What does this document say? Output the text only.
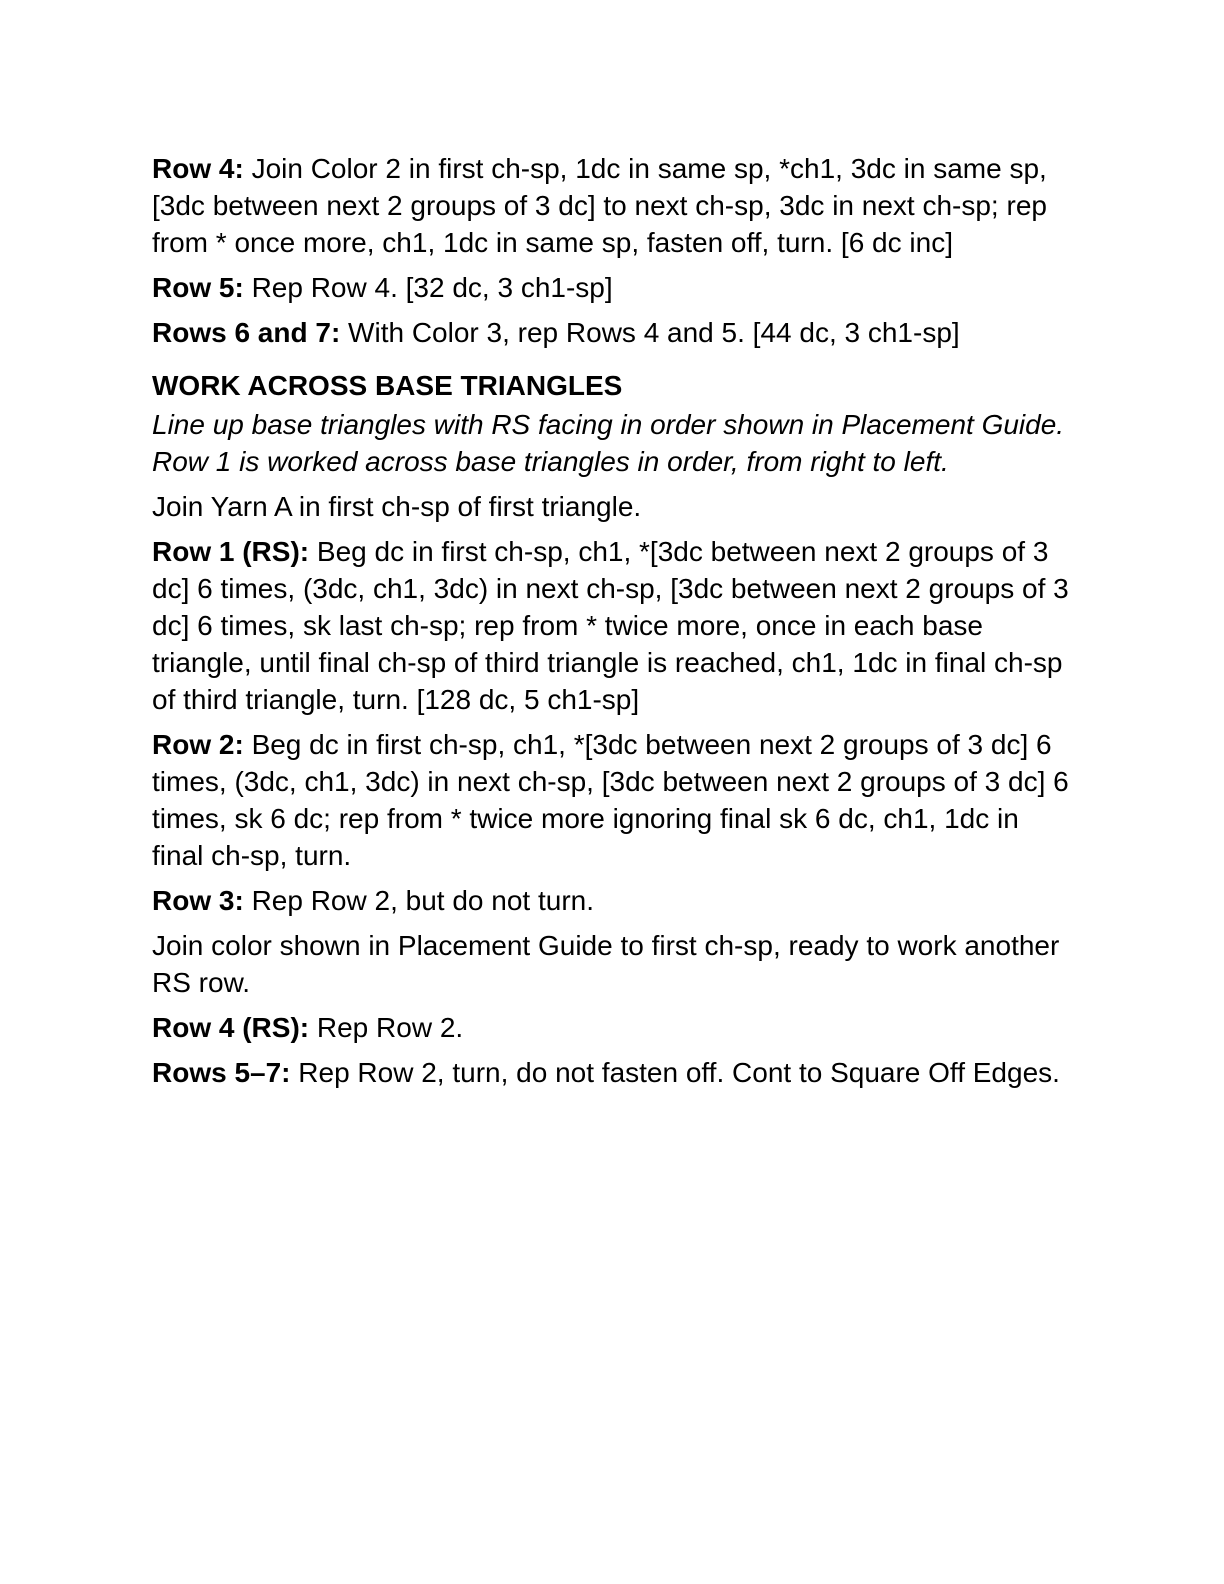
Row 4: Join Color 2 in first ch-sp, 1dc in same sp, *ch1, 3dc in same sp, [3dc between next 2 groups of 3 dc] to next ch-sp, 3dc in next ch-sp; rep from * once more, ch1, 1dc in same sp, fasten off, turn. [6 dc inc]

Row 5: Rep Row 4. [32 dc, 3 ch1-sp]

Rows 6 and 7: With Color 3, rep Rows 4 and 5. [44 dc, 3 ch1-sp]

WORK ACROSS BASE TRIANGLES

Line up base triangles with RS facing in order shown in Placement Guide. Row 1 is worked across base triangles in order, from right to left.

Join Yarn A in first ch-sp of first triangle.

Row 1 (RS): Beg dc in first ch-sp, ch1, *[3dc between next 2 groups of 3 dc] 6 times, (3dc, ch1, 3dc) in next ch-sp, [3dc between next 2 groups of 3 dc] 6 times, sk last ch-sp; rep from * twice more, once in each base triangle, until final ch-sp of third triangle is reached, ch1, 1dc in final ch-sp of third triangle, turn. [128 dc, 5 ch1-sp]

Row 2: Beg dc in first ch-sp, ch1, *[3dc between next 2 groups of 3 dc] 6 times, (3dc, ch1, 3dc) in next ch-sp, [3dc between next 2 groups of 3 dc] 6 times, sk 6 dc; rep from * twice more ignoring final sk 6 dc, ch1, 1dc in final ch-sp, turn.

Row 3: Rep Row 2, but do not turn.

Join color shown in Placement Guide to first ch-sp, ready to work another RS row.

Row 4 (RS): Rep Row 2.

Rows 5–7: Rep Row 2, turn, do not fasten off. Cont to Square Off Edges.
